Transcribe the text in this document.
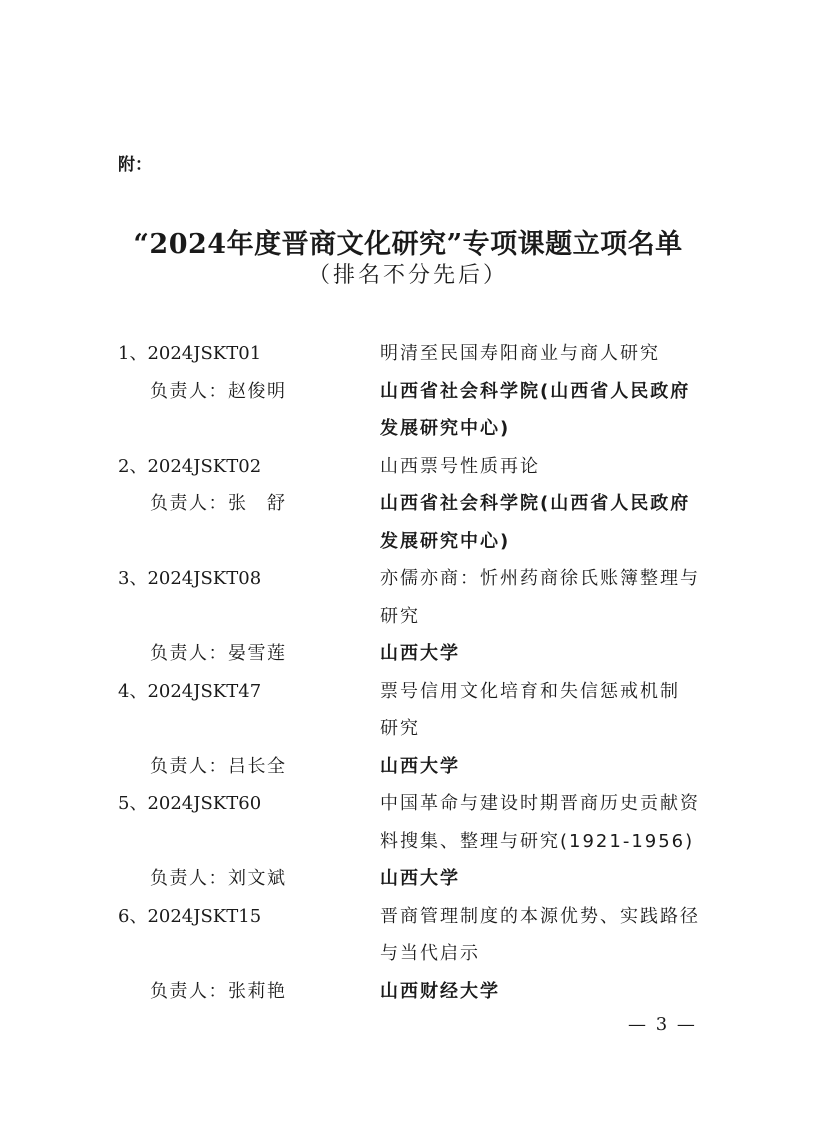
附：
“2024年度晋商文化研究”专项课题立项名单
（排名不分先后）
1、2024JSKT01	明清至民国寿阳商业与商人研究
负责人：赵俊明	山西省社会科学院(山西省人民政府
发展研究中心)
2、2024JSKT02	山西票号性质再论
负责人：张　舒	山西省社会科学院(山西省人民政府
发展研究中心)
3、2024JSKT08	亦儒亦商：忻州药商徐氏账簿整理与
研究
负责人：晏雪莲	山西大学
4、2024JSKT47	票号信用文化培育和失信惩戒机制
研究
负责人：吕长全	山西大学
5、2024JSKT60	中国革命与建设时期晋商历史贡献资
料搜集、整理与研究(1921-1956)
负责人：刘文斌	山西大学
6、2024JSKT15	晋商管理制度的本源优势、实践路径
与当代启示
负责人：张莉艳	山西财经大学
— 3 —
